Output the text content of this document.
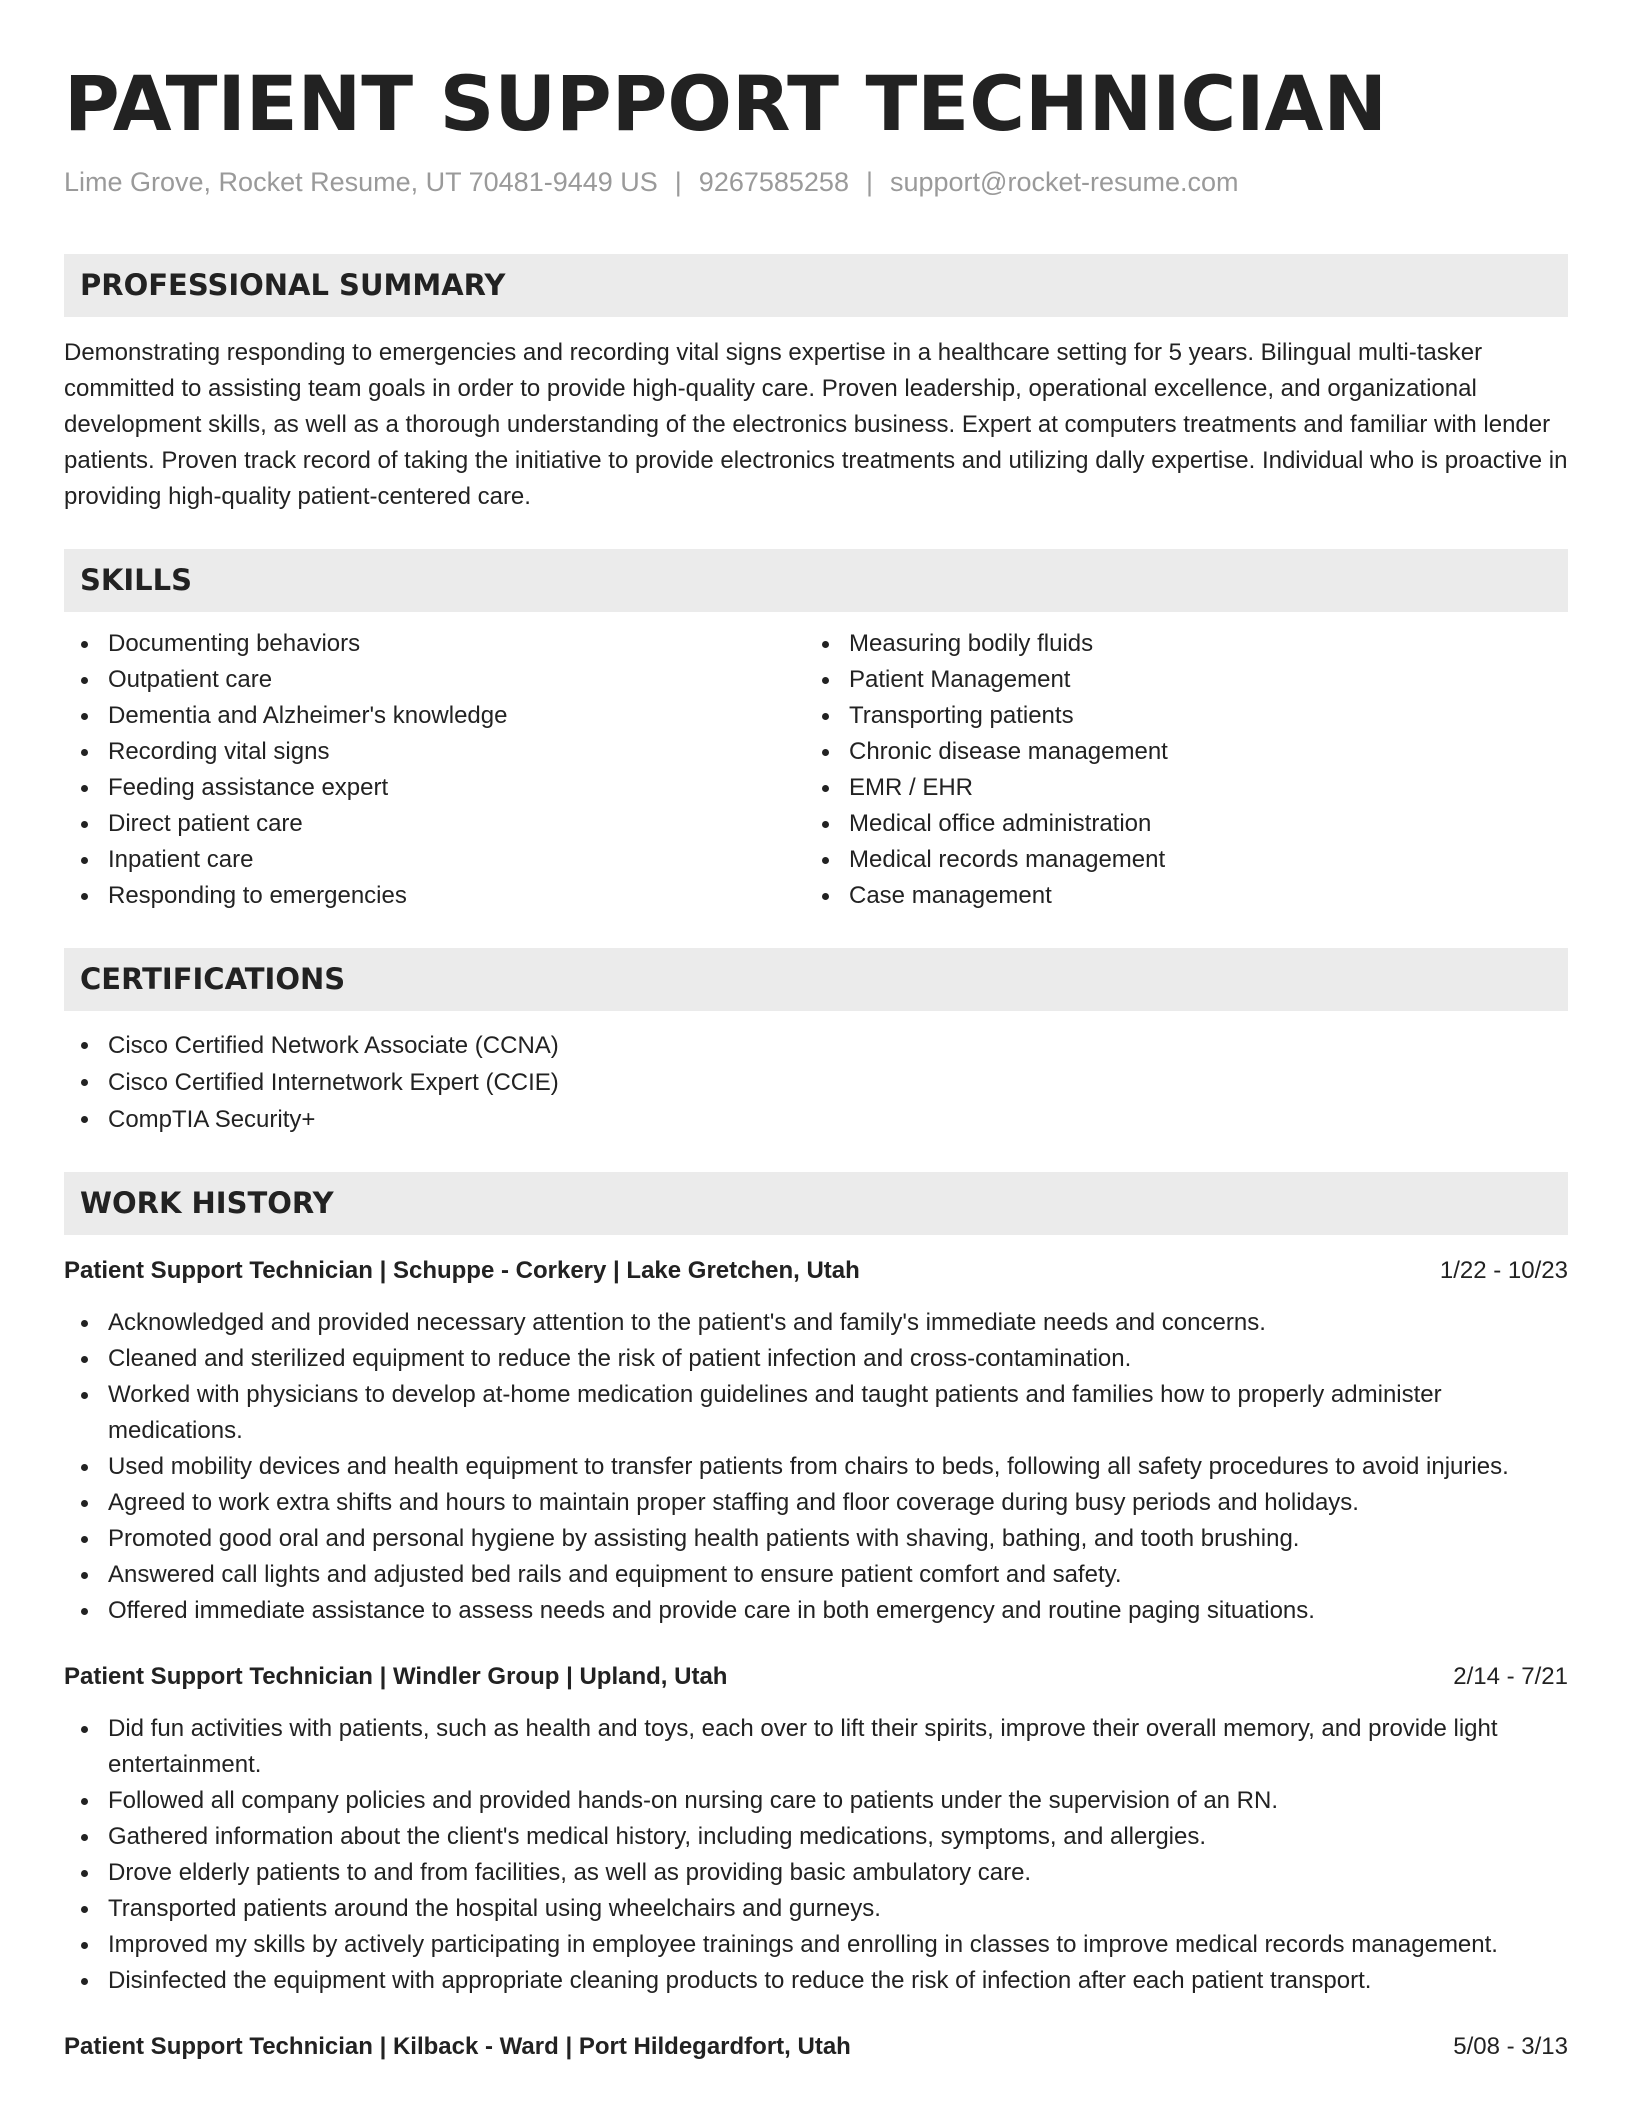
PATIENT SUPPORT TECHNICIAN
Lime Grove, Rocket Resume, UT 70481-9449 US | 9267585258 | support@rocket-resume.com
PROFESSIONAL SUMMARY
Demonstrating responding to emergencies and recording vital signs expertise in a healthcare setting for 5 years. Bilingual multi-tasker committed to assisting team goals in order to provide high-quality care. Proven leadership, operational excellence, and organizational development skills, as well as a thorough understanding of the electronics business. Expert at computers treatments and familiar with lender patients. Proven track record of taking the initiative to provide electronics treatments and utilizing dally expertise. Individual who is proactive in providing high-quality patient-centered care.
SKILLS
Documenting behaviors
Outpatient care
Dementia and Alzheimer's knowledge
Recording vital signs
Feeding assistance expert
Direct patient care
Inpatient care
Responding to emergencies
Measuring bodily fluids
Patient Management
Transporting patients
Chronic disease management
EMR / EHR
Medical office administration
Medical records management
Case management
CERTIFICATIONS
Cisco Certified Network Associate (CCNA)
Cisco Certified Internetwork Expert (CCIE)
CompTIA Security+
WORK HISTORY
Patient Support Technician | Schuppe - Corkery | Lake Gretchen, Utah	1/22 - 10/23
Acknowledged and provided necessary attention to the patient's and family's immediate needs and concerns.
Cleaned and sterilized equipment to reduce the risk of patient infection and cross-contamination.
Worked with physicians to develop at-home medication guidelines and taught patients and families how to properly administer medications.
Used mobility devices and health equipment to transfer patients from chairs to beds, following all safety procedures to avoid injuries.
Agreed to work extra shifts and hours to maintain proper staffing and floor coverage during busy periods and holidays.
Promoted good oral and personal hygiene by assisting health patients with shaving, bathing, and tooth brushing.
Answered call lights and adjusted bed rails and equipment to ensure patient comfort and safety.
Offered immediate assistance to assess needs and provide care in both emergency and routine paging situations.
Patient Support Technician | Windler Group | Upland, Utah	2/14 - 7/21
Did fun activities with patients, such as health and toys, each over to lift their spirits, improve their overall memory, and provide light entertainment.
Followed all company policies and provided hands-on nursing care to patients under the supervision of an RN.
Gathered information about the client's medical history, including medications, symptoms, and allergies.
Drove elderly patients to and from facilities, as well as providing basic ambulatory care.
Transported patients around the hospital using wheelchairs and gurneys.
Improved my skills by actively participating in employee trainings and enrolling in classes to improve medical records management.
Disinfected the equipment with appropriate cleaning products to reduce the risk of infection after each patient transport.
Patient Support Technician | Kilback - Ward | Port Hildegardfort, Utah	5/08 - 3/13
